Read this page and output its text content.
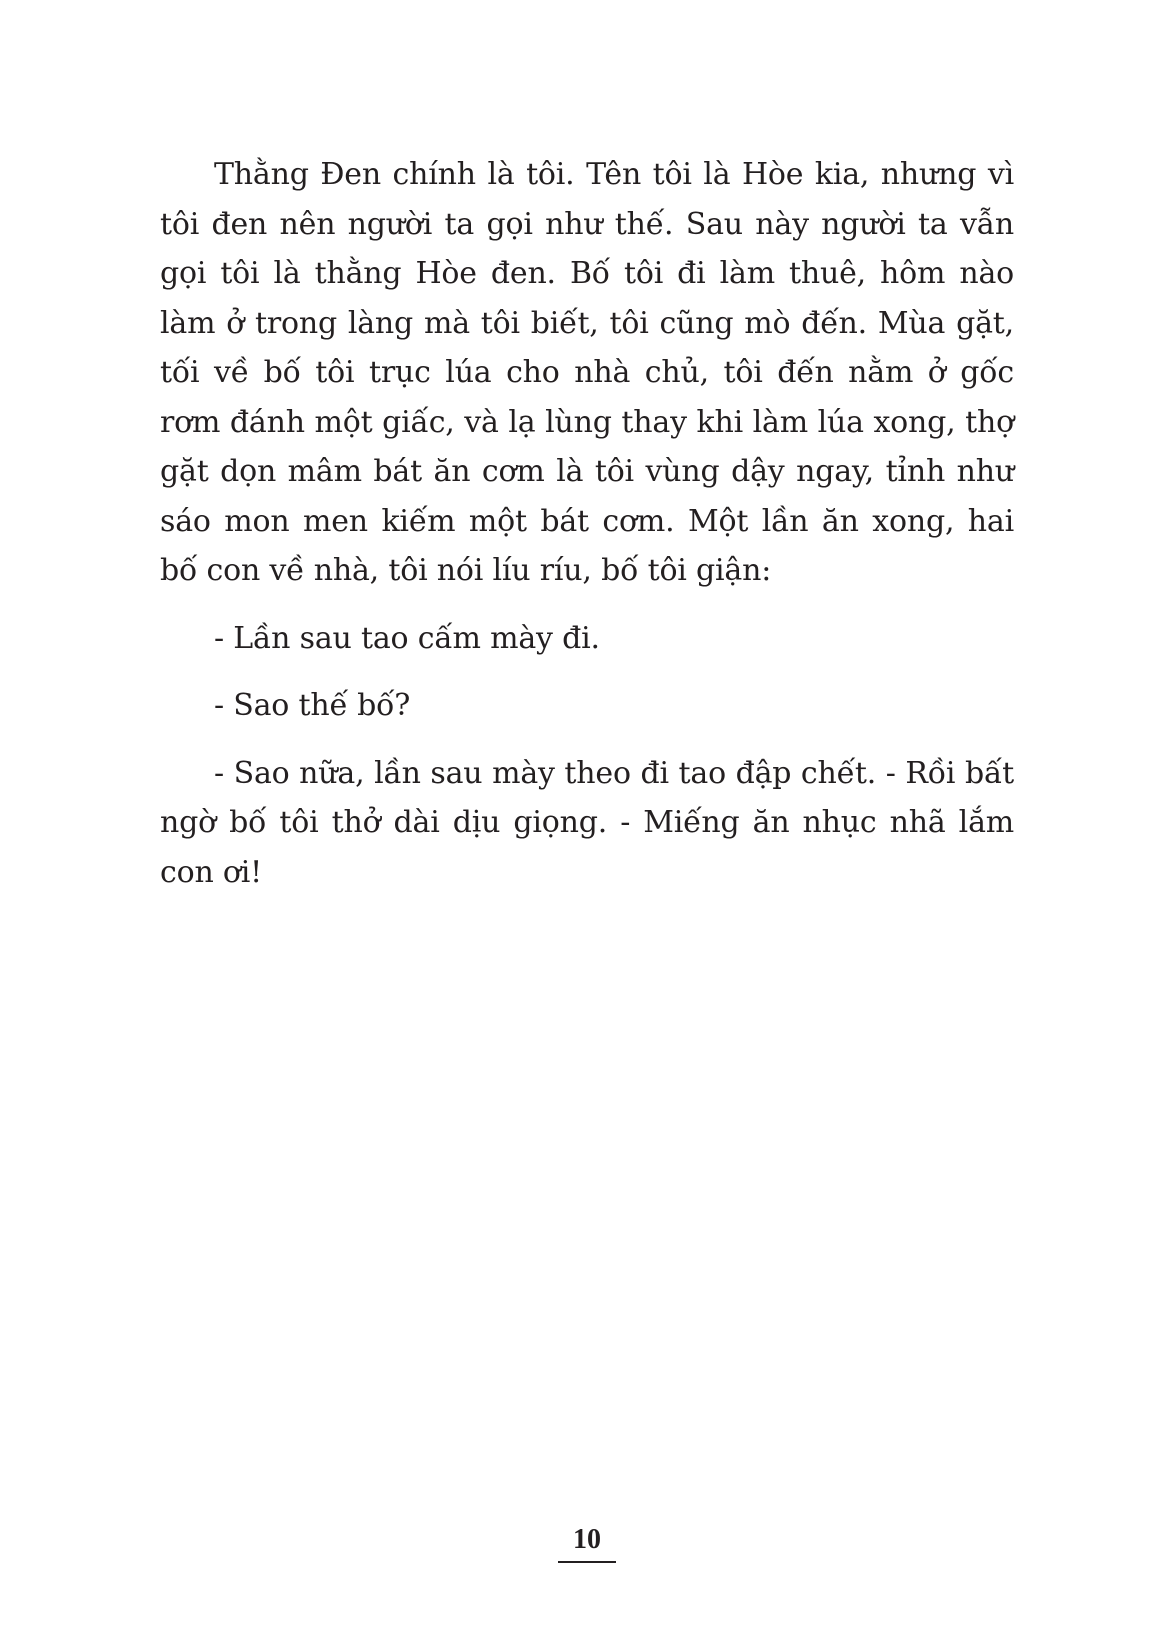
Thằng Đen chính là tôi. Tên tôi là Hòe kia, nhưng vì tôi đen nên người ta gọi như thế. Sau này người ta vẫn gọi tôi là thằng Hòe đen. Bố tôi đi làm thuê, hôm nào làm ở trong làng mà tôi biết, tôi cũng mò đến. Mùa gặt, tối về bố tôi trục lúa cho nhà chủ, tôi đến nằm ở gốc rơm đánh một giấc, và lạ lùng thay khi làm lúa xong, thợ gặt dọn mâm bát ăn cơm là tôi vùng dậy ngay, tỉnh như sáo mon men kiếm một bát cơm. Một lần ăn xong, hai bố con về nhà, tôi nói líu ríu, bố tôi giận:

- Lần sau tao cấm mày đi.

- Sao thế bố?

- Sao nữa, lần sau mày theo đi tao đập chết. - Rồi bất ngờ bố tôi thở dài dịu giọng. - Miếng ăn nhục nhã lắm con ơi!

10
